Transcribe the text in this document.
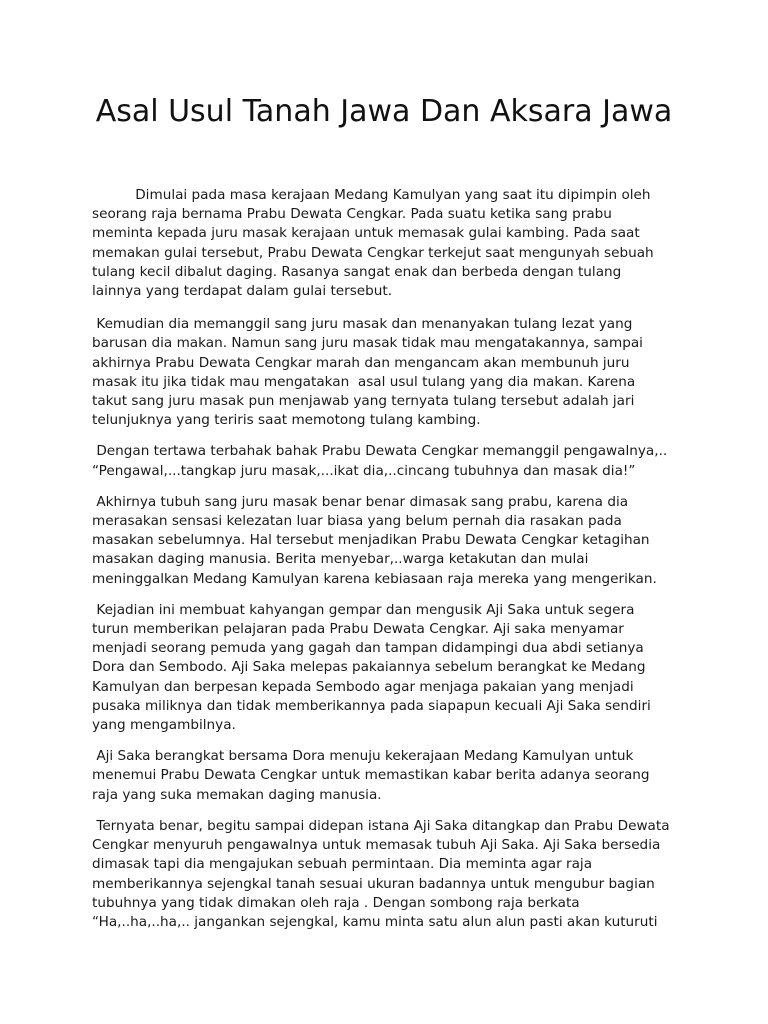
Asal Usul Tanah Jawa Dan Aksara Jawa

Dimulai pada masa kerajaan Medang Kamulyan yang saat itu dipimpin oleh
seorang raja bernama Prabu Dewata Cengkar. Pada suatu ketika sang prabu
meminta kepada juru masak kerajaan untuk memasak gulai kambing. Pada saat
memakan gulai tersebut, Prabu Dewata Cengkar terkejut saat mengunyah sebuah
tulang kecil dibalut daging. Rasanya sangat enak dan berbeda dengan tulang
lainnya yang terdapat dalam gulai tersebut.

Kemudian dia memanggil sang juru masak dan menanyakan tulang lezat yang
barusan dia makan. Namun sang juru masak tidak mau mengatakannya, sampai
akhirnya Prabu Dewata Cengkar marah dan mengancam akan membunuh juru
masak itu jika tidak mau mengatakan  asal usul tulang yang dia makan. Karena
takut sang juru masak pun menjawab yang ternyata tulang tersebut adalah jari
telunjuknya yang teriris saat memotong tulang kambing.

Dengan tertawa terbahak bahak Prabu Dewata Cengkar memanggil pengawalnya,..
“Pengawal,...tangkap juru masak,...ikat dia,..cincang tubuhnya dan masak dia!”

Akhirnya tubuh sang juru masak benar benar dimasak sang prabu, karena dia
merasakan sensasi kelezatan luar biasa yang belum pernah dia rasakan pada
masakan sebelumnya. Hal tersebut menjadikan Prabu Dewata Cengkar ketagihan
masakan daging manusia. Berita menyebar,..warga ketakutan dan mulai
meninggalkan Medang Kamulyan karena kebiasaan raja mereka yang mengerikan.

Kejadian ini membuat kahyangan gempar dan mengusik Aji Saka untuk segera
turun memberikan pelajaran pada Prabu Dewata Cengkar. Aji saka menyamar
menjadi seorang pemuda yang gagah dan tampan didampingi dua abdi setianya
Dora dan Sembodo. Aji Saka melepas pakaiannya sebelum berangkat ke Medang
Kamulyan dan berpesan kepada Sembodo agar menjaga pakaian yang menjadi
pusaka miliknya dan tidak memberikannya pada siapapun kecuali Aji Saka sendiri
yang mengambilnya.

Aji Saka berangkat bersama Dora menuju kekerajaan Medang Kamulyan untuk
menemui Prabu Dewata Cengkar untuk memastikan kabar berita adanya seorang
raja yang suka memakan daging manusia.

Ternyata benar, begitu sampai didepan istana Aji Saka ditangkap dan Prabu Dewata
Cengkar menyuruh pengawalnya untuk memasak tubuh Aji Saka. Aji Saka bersedia
dimasak tapi dia mengajukan sebuah permintaan. Dia meminta agar raja
memberikannya sejengkal tanah sesuai ukuran badannya untuk mengubur bagian
tubuhnya yang tidak dimakan oleh raja . Dengan sombong raja berkata
“Ha,..ha,..ha,.. jangankan sejengkal, kamu minta satu alun alun pasti akan kuturuti
